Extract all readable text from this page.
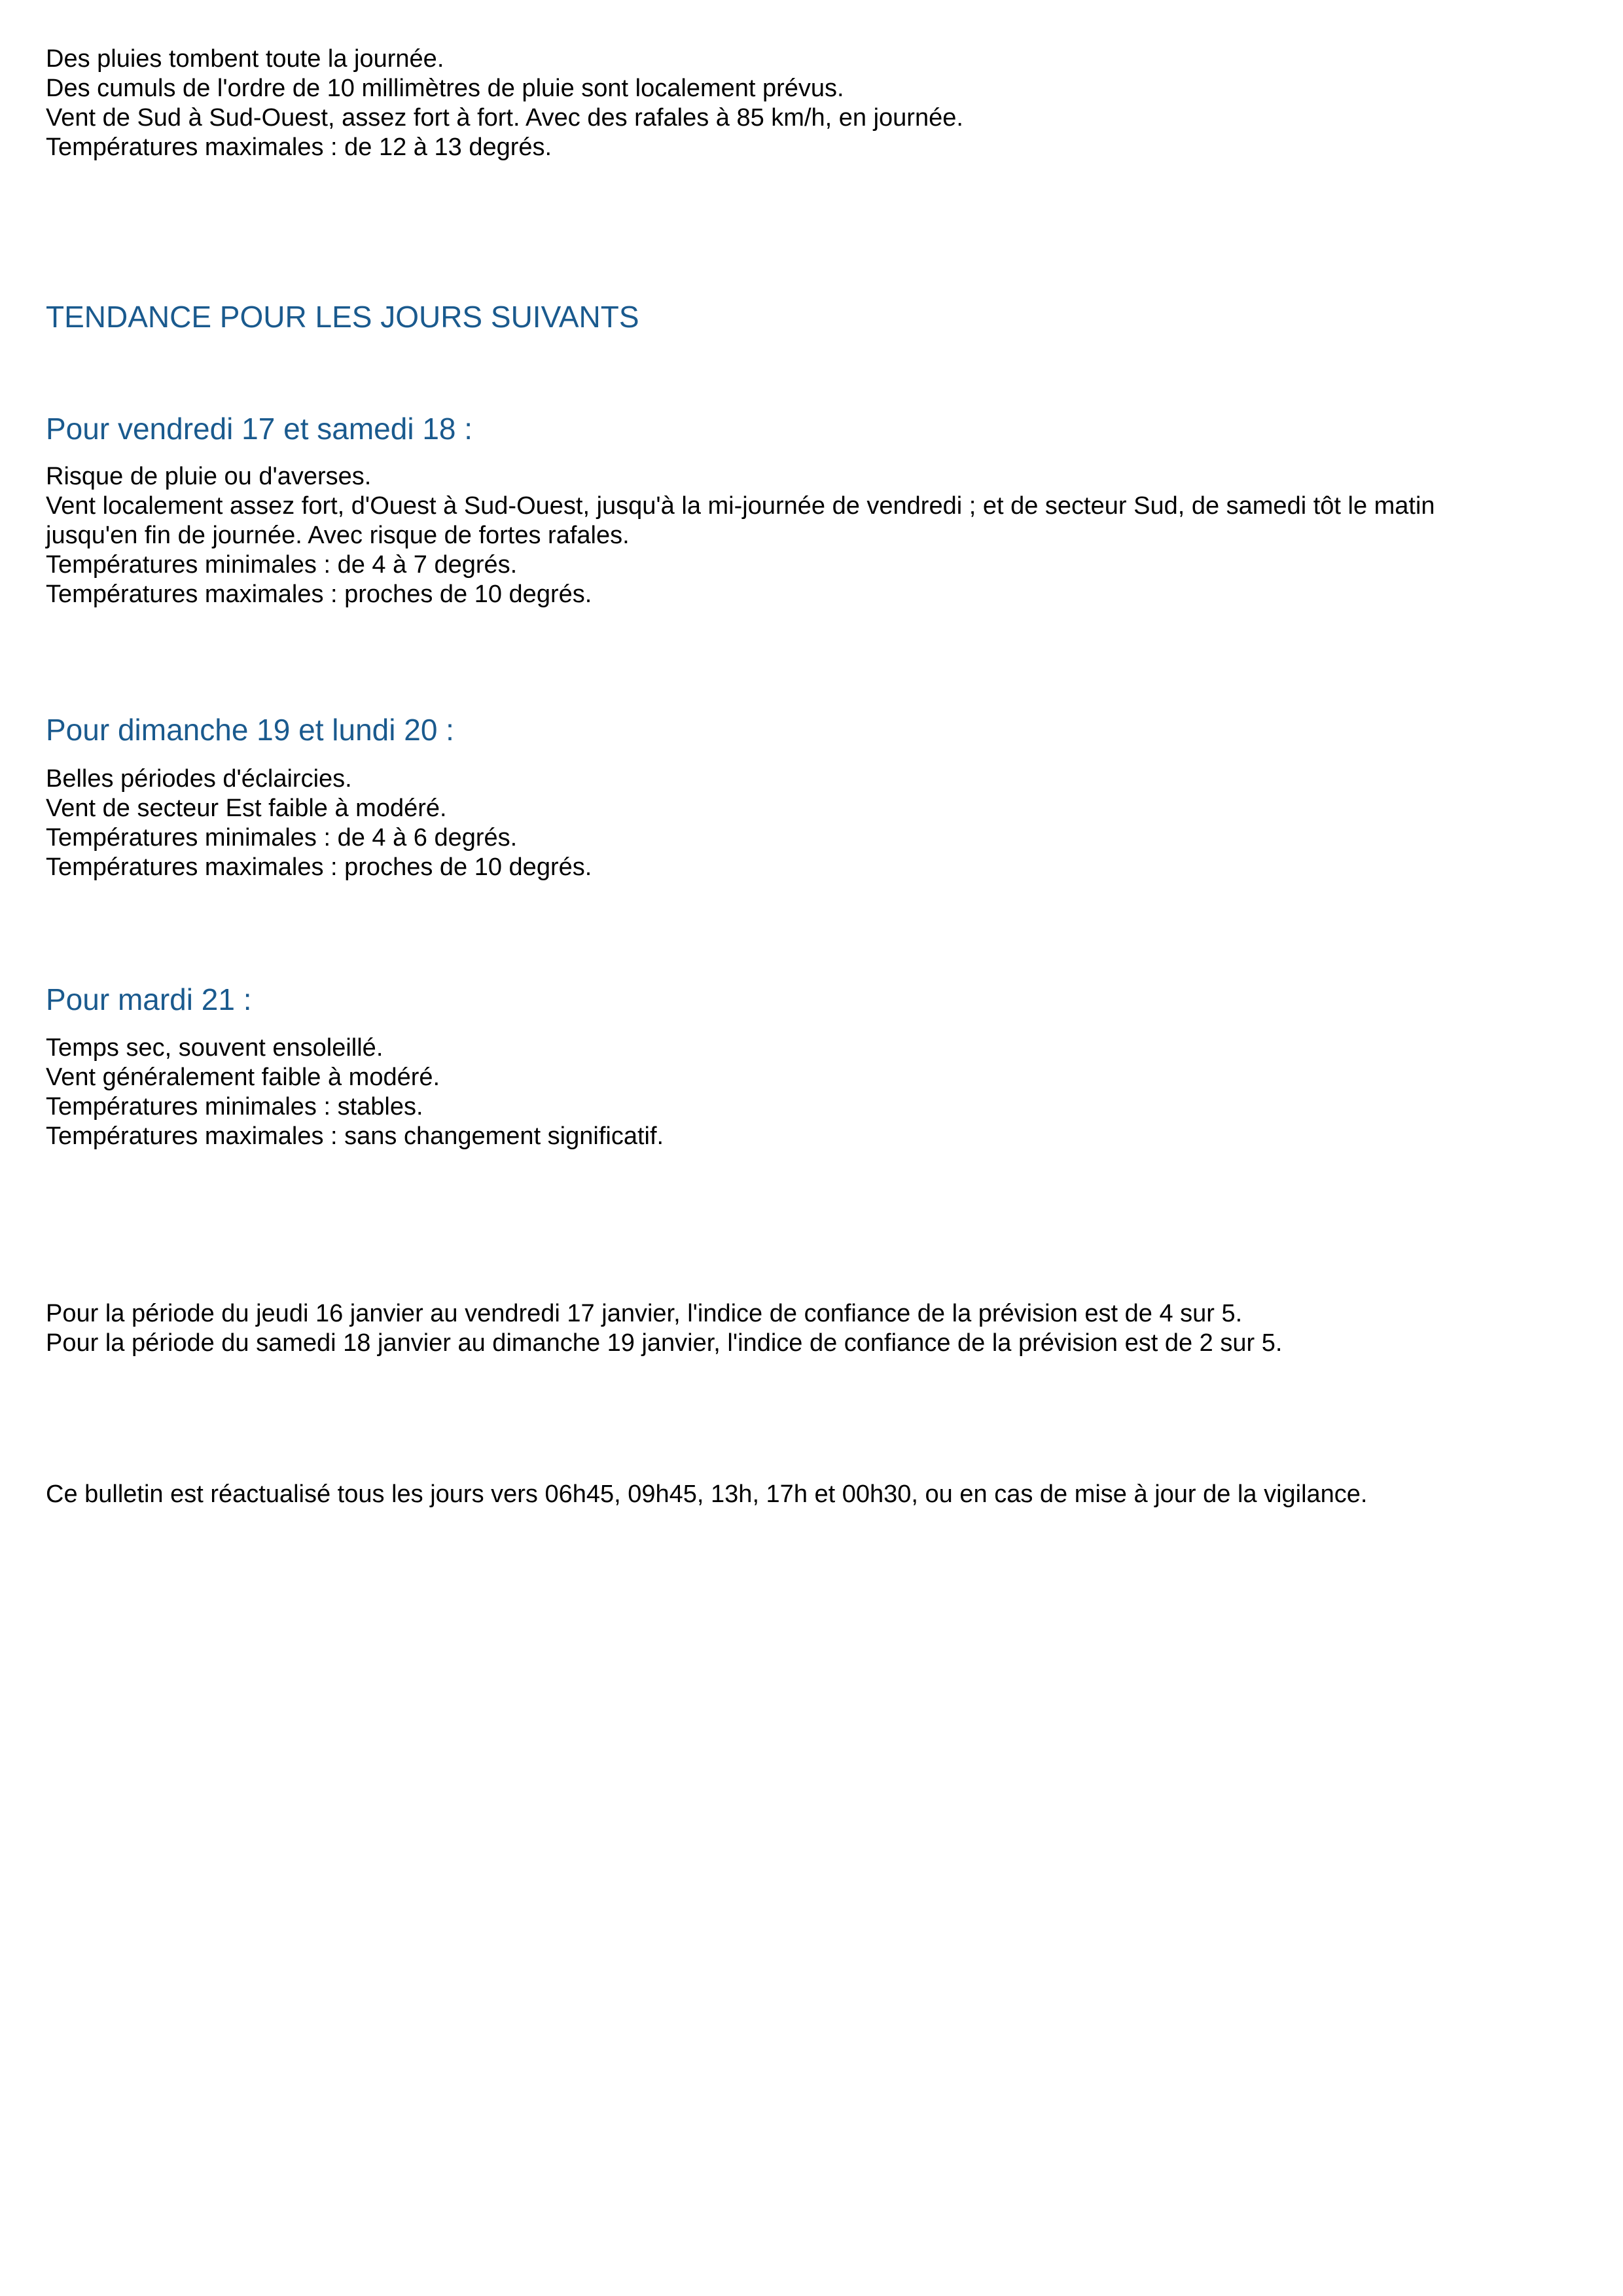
Des pluies tombent toute la journée.
Des cumuls de l'ordre de 10 millimètres de pluie sont localement prévus.
Vent de Sud à Sud-Ouest, assez fort à fort. Avec des rafales à 85 km/h, en journée.
Températures maximales : de 12 à 13 degrés.
TENDANCE POUR LES JOURS SUIVANTS
Pour vendredi 17 et samedi 18 :
Risque de pluie ou d'averses.
Vent localement assez fort, d'Ouest à Sud-Ouest, jusqu'à la mi-journée de vendredi ; et de secteur Sud, de samedi tôt le matin
jusqu'en fin de journée. Avec risque de fortes rafales.
Températures minimales : de 4 à 7 degrés.
Températures maximales : proches de 10 degrés.
Pour dimanche 19 et lundi 20 :
Belles périodes d'éclaircies.
Vent de secteur Est faible à modéré.
Températures minimales : de 4 à 6 degrés.
Températures maximales : proches de 10 degrés.
Pour mardi 21 :
Temps sec, souvent ensoleillé.
Vent généralement faible à modéré.
Températures minimales : stables.
Températures maximales : sans changement significatif.
Pour la période du jeudi 16 janvier au vendredi 17 janvier, l'indice de confiance de la prévision est de 4 sur 5.
Pour la période du samedi 18 janvier au dimanche 19 janvier, l'indice de confiance de la prévision est de 2 sur 5.
Ce bulletin est réactualisé tous les jours vers 06h45, 09h45, 13h, 17h et 00h30, ou en cas de mise à jour de la vigilance.
